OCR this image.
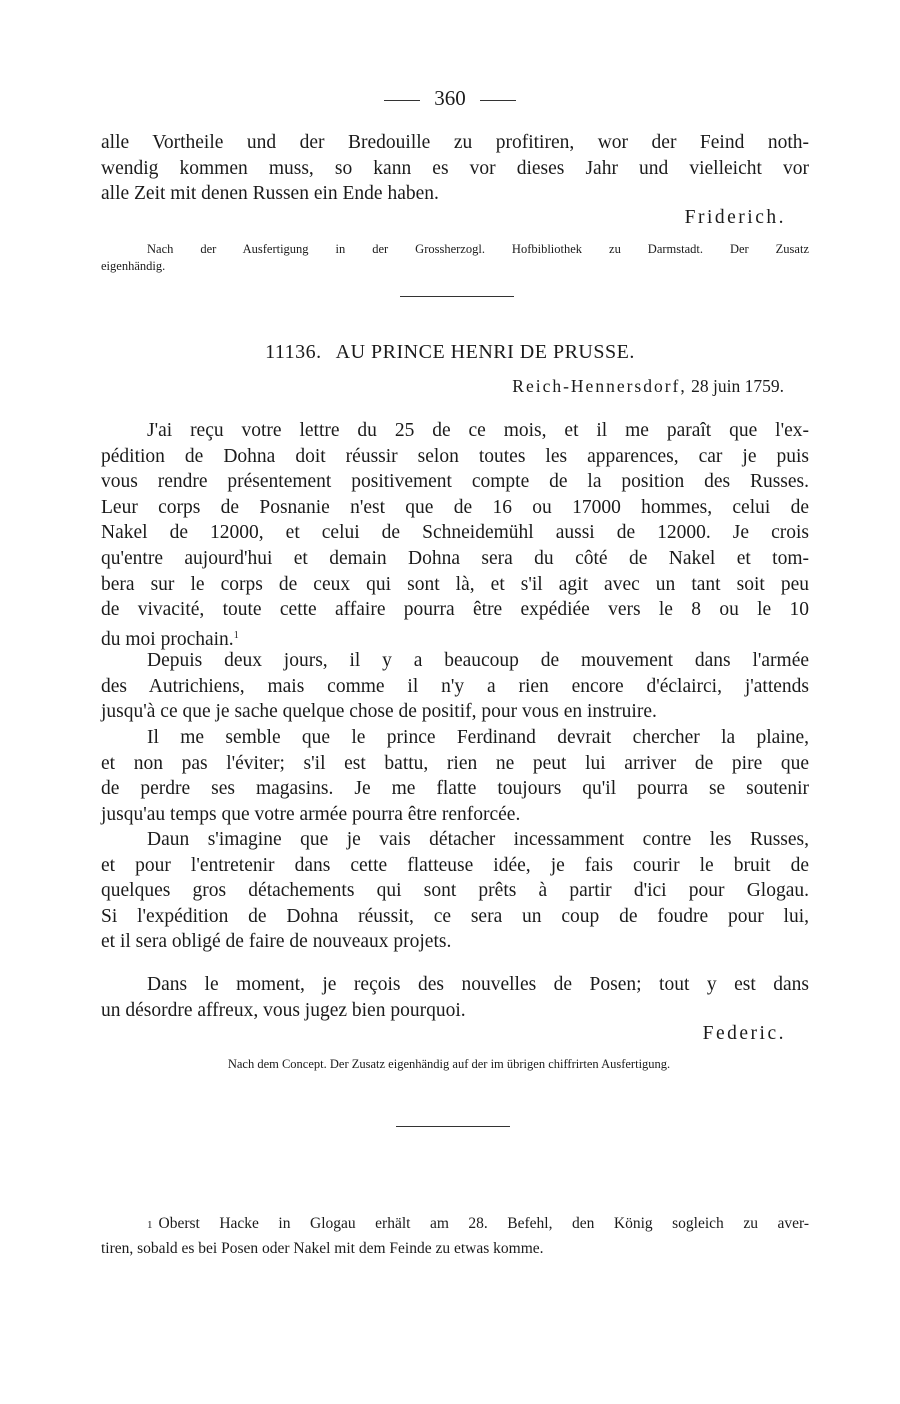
360
alle Vortheile und der Bredouille zu profitiren, wor der Feind noth-
wendig kommen muss, so kann es vor dieses Jahr und vielleicht vor
alle Zeit mit denen Russen ein Ende haben.
Friderich.
Nach der Ausfertigung in der Grossherzogl. Hofbibliothek zu Darmstadt. Der Zusatz
eigenhändig.
11136. AU PRINCE HENRI DE PRUSSE.
Reich-Hennersdorf, 28 juin 1759.
J'ai reçu votre lettre du 25 de ce mois, et il me paraît que l'ex-
pédition de Dohna doit réussir selon toutes les apparences, car je puis
vous rendre présentement positivement compte de la position des Russes.
Leur corps de Posnanie n'est que de 16 ou 17000 hommes, celui de
Nakel de 12000, et celui de Schneidemühl aussi de 12000. Je crois
qu'entre aujourd'hui et demain Dohna sera du côté de Nakel et tom-
bera sur le corps de ceux qui sont là, et s'il agit avec un tant soit peu
de vivacité, toute cette affaire pourra être expédiée vers le 8 ou le 10
du moi prochain.$^1$
Depuis deux jours, il y a beaucoup de mouvement dans l'armée
des Autrichiens, mais comme il n'y a rien encore d'éclairci, j'attends
jusqu'à ce que je sache quelque chose de positif, pour vous en instruire.
Il me semble que le prince Ferdinand devrait chercher la plaine,
et non pas l'éviter; s'il est battu, rien ne peut lui arriver de pire que
de perdre ses magasins. Je me flatte toujours qu'il pourra se soutenir
jusqu'au temps que votre armée pourra être renforcée.
Daun s'imagine que je vais détacher incessamment contre les Russes,
et pour l'entretenir dans cette flatteuse idée, je fais courir le bruit de
quelques gros détachements qui sont prêts à partir d'ici pour Glogau.
Si l'expédition de Dohna réussit, ce sera un coup de foudre pour lui,
et il sera obligé de faire de nouveaux projets.
Dans le moment, je reçois des nouvelles de Posen; tout y est dans
un désordre affreux, vous jugez bien pourquoi.
Federic.
Nach dem Concept. Der Zusatz eigenhändig auf der im übrigen chiffrirten Ausfertigung.
1 Oberst Hacke in Glogau erhält am 28. Befehl, den König sogleich zu aver-
tiren, sobald es bei Posen oder Nakel mit dem Feinde zu etwas komme.
